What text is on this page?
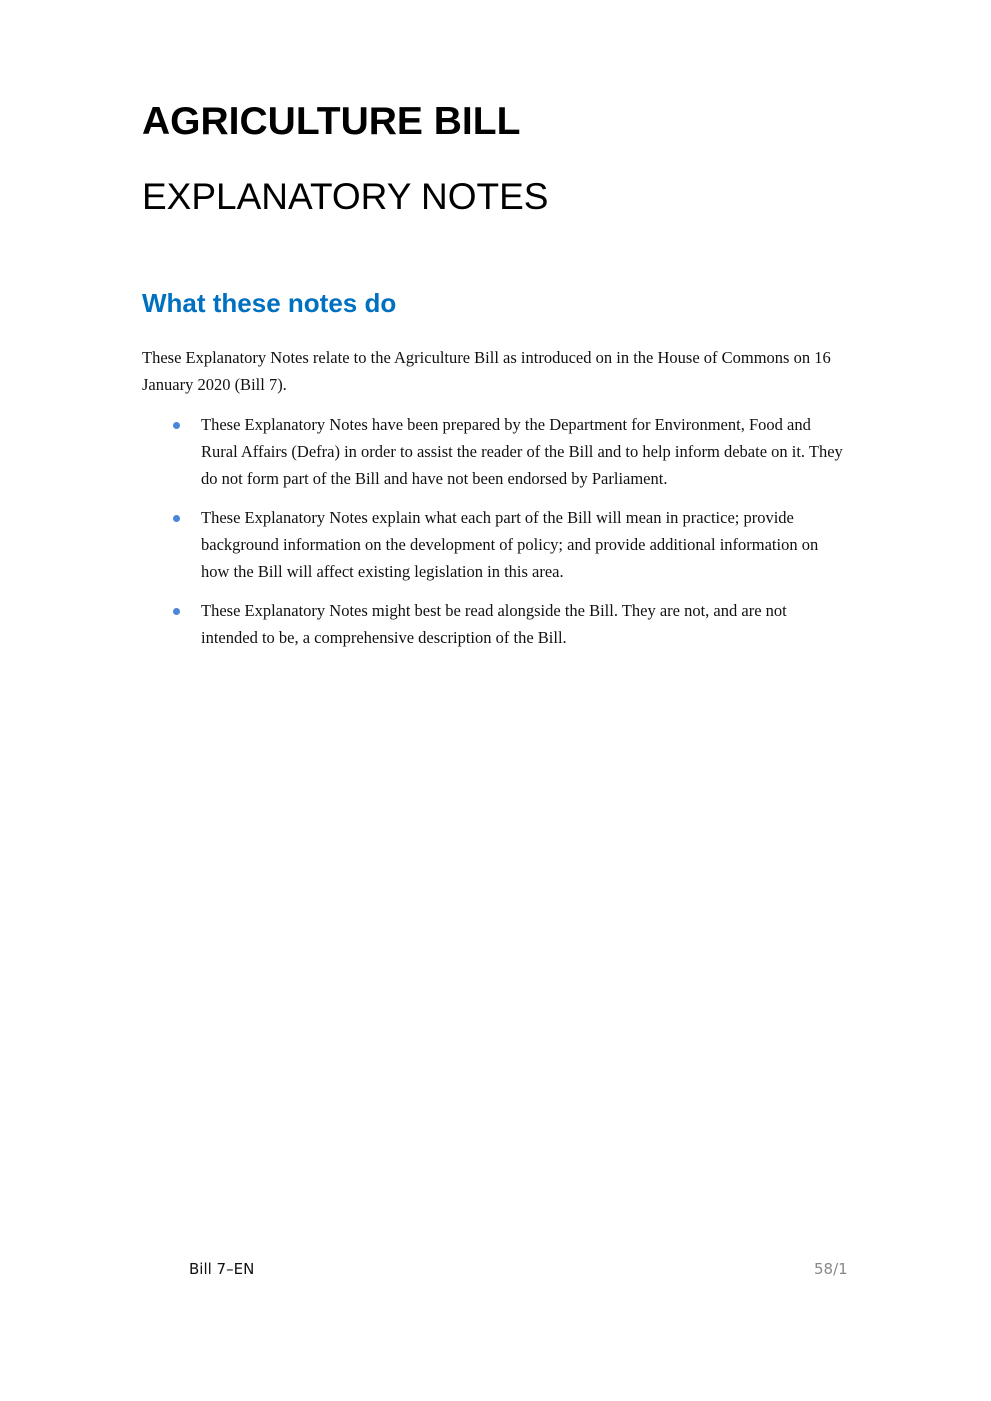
AGRICULTURE BILL
EXPLANATORY NOTES
What these notes do
These Explanatory Notes relate to the Agriculture Bill as introduced on in the House of Commons on 16
January 2020 (Bill 7).
These Explanatory Notes have been prepared by the Department for Environment, Food and
Rural Affairs (Defra) in order to assist the reader of the Bill and to help inform debate on it. They
do not form part of the Bill and have not been endorsed by Parliament.
These Explanatory Notes explain what each part of the Bill will mean in practice; provide
background information on the development of policy; and provide additional information on
how the Bill will affect existing legislation in this area.
These Explanatory Notes might best be read alongside the Bill. They are not, and are not
intended to be, a comprehensive description of the Bill.
Bill 7–EN	58/1
